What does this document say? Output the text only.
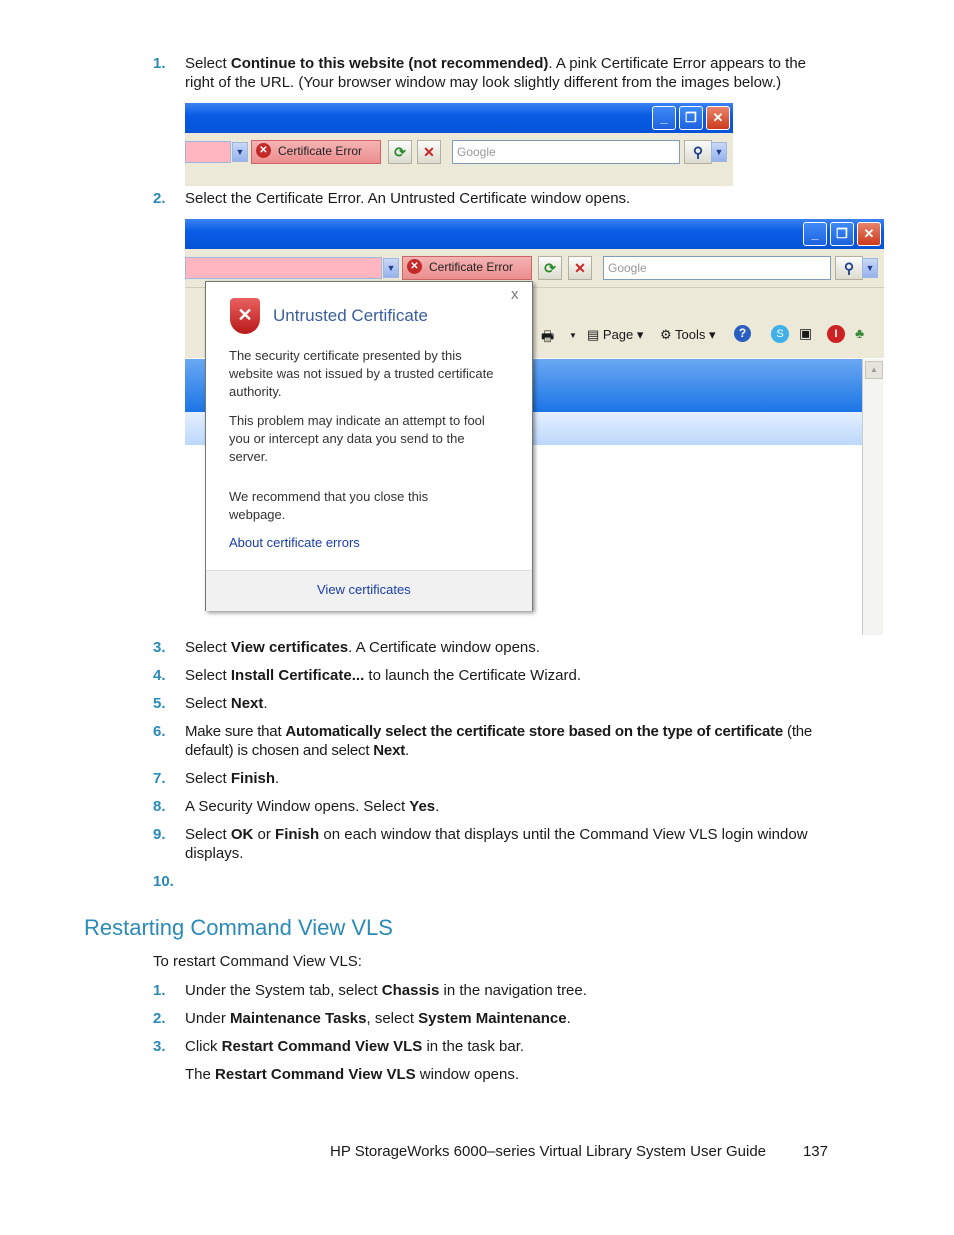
1. Select Continue to this website (not recommended). A pink Certificate Error appears to the right of the URL. (Your browser window may look slightly different from the images below.)
_	❐	✕
▼	✕ Certificate Error	⟳	✕	Google	⚲	▼
2. Select the Certificate Error. An Untrusted Certificate window opens.
_	❐	✕
▼	✕ Certificate Error	⟳	✕	Google	⚲	▼
🖶 ▼ ▤ Page ▾ ⚙ Tools ▾	?	S	▣	I	♣
▲
x
✕	Untrusted Certificate
The security certificate presented by this website was not issued by a trusted certificate authority.
This problem may indicate an attempt to fool you or intercept any data you send to the server.
We recommend that you close this webpage.
About certificate errors
View certificates
3. Select View certificates. A Certificate window opens.
4. Select Install Certificate... to launch the Certificate Wizard.
5. Select Next.
6. Make sure that Automatically select the certificate store based on the type of certificate (the default) is chosen and select Next.
7. Select Finish.
8. A Security Window opens. Select Yes.
9. Select OK or Finish on each window that displays until the Command View VLS login window displays.
10.
Restarting Command View VLS
To restart Command View VLS:
1. Under the System tab, select Chassis in the navigation tree.
2. Under Maintenance Tasks, select System Maintenance.
3. Click Restart Command View VLS in the task bar.
The Restart Command View VLS window opens.
HP StorageWorks 6000–series Virtual Library System User Guide 137
